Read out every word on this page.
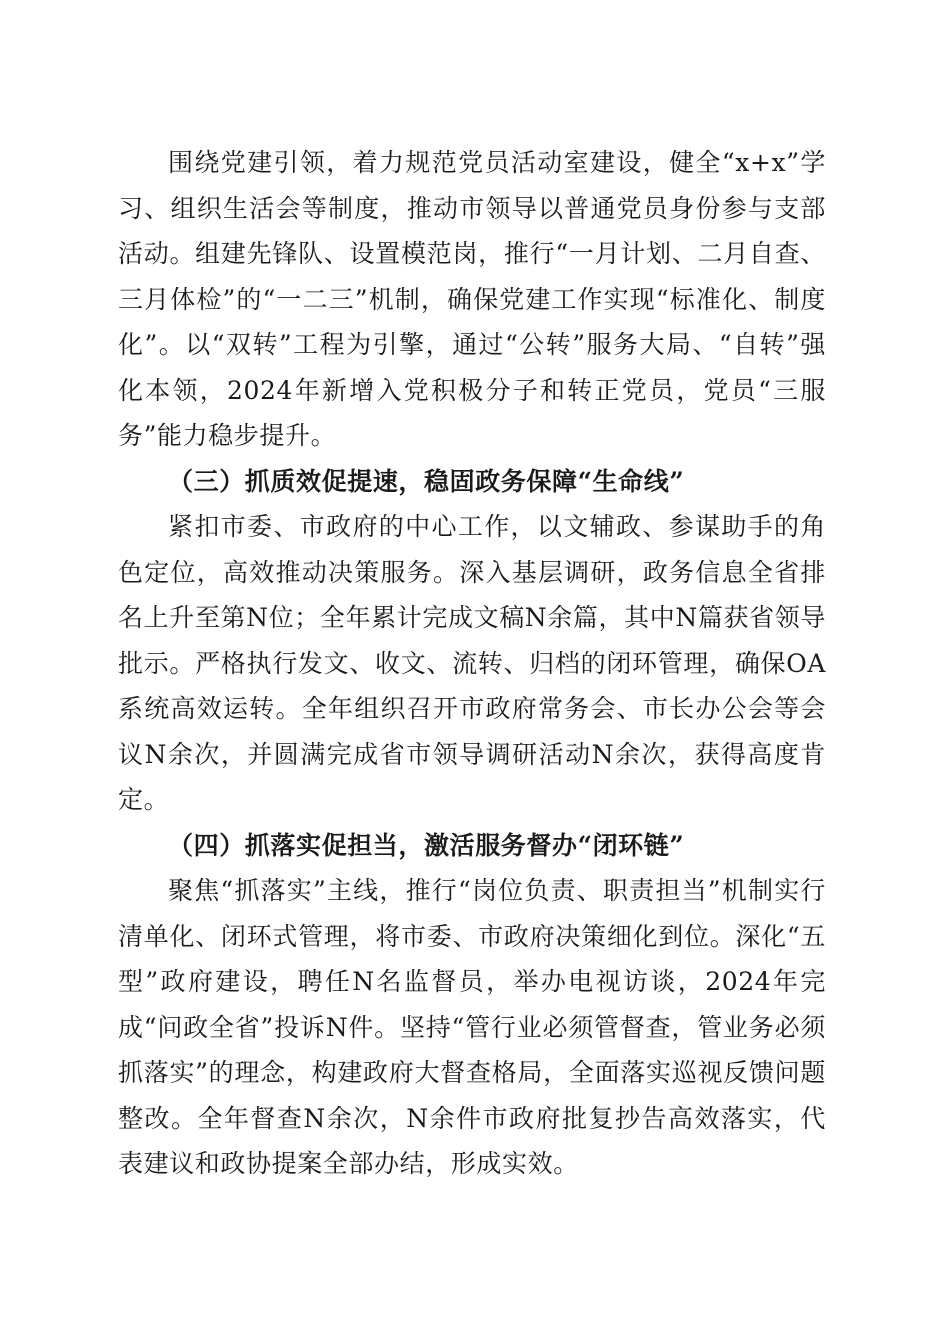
围绕党建引领，着力规范党员活动室建设，健全“x+x”学习、组织生活会等制度，推动市领导以普通党员身份参与支部活动。组建先锋队、设置模范岗，推行“一月计划、二月自查、三月体检”的“一二三”机制，确保党建工作实现“标准化、制度化”。以“双转”工程为引擎，通过“公转”服务大局、“自转”强化本领，2024年新增入党积极分子和转正党员，党员“三服务”能力稳步提升。

（三）抓质效促提速，稳固政务保障“生命线”

紧扣市委、市政府的中心工作，以文辅政、参谋助手的角色定位，高效推动决策服务。深入基层调研，政务信息全省排名上升至第N位；全年累计完成文稿N余篇，其中N篇获省领导批示。严格执行发文、收文、流转、归档的闭环管理，确保OA系统高效运转。全年组织召开市政府常务会、市长办公会等会议N余次，并圆满完成省市领导调研活动N余次，获得高度肯定。

（四）抓落实促担当，激活服务督办“闭环链”

聚焦“抓落实”主线，推行“岗位负责、职责担当”机制实行清单化、闭环式管理，将市委、市政府决策细化到位。深化“五型”政府建设，聘任N名监督员，举办电视访谈，2024年完成“问政全省”投诉N件。坚持“管行业必须管督查，管业务必须抓落实”的理念，构建政府大督查格局，全面落实巡视反馈问题整改。全年督查N余次，N余件市政府批复抄告高效落实，代表建议和政协提案全部办结，形成实效。
